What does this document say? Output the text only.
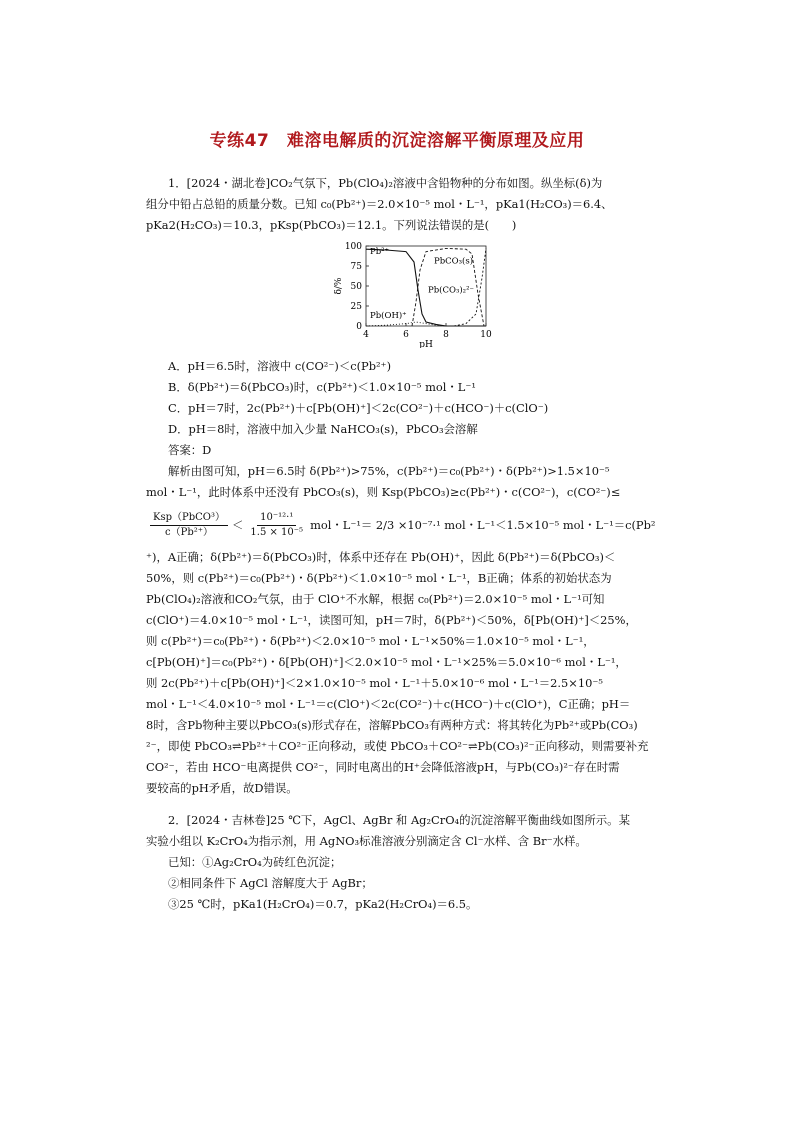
专练47　难溶电解质的沉淀溶解平衡原理及应用

1．[2024・湖北卷]CO₂气氛下，Pb(ClO₄)₂溶液中含铅物种的分布如图。纵坐标(δ)为

组分中铅占总铅的质量分数。已知 c₀(Pb²⁺)＝2.0×10⁻⁵ mol・L⁻¹，pKa1(H₂CO₃)＝6.4、

pKa2(H₂CO₃)＝10.3，pKsp(PbCO₃)＝12.1。下列说法错误的是(　　)

0
25
50
75
100
4	6	8	10
pH
δ/%
Pb²⁺
PbCO₃(s)
Pb(CO₃)₂²⁻
Pb(OH)⁺

A．pH＝6.5时，溶液中 c(CO²⁻)＜c(Pb²⁺)

B．δ(Pb²⁺)＝δ(PbCO₃)时，c(Pb²⁺)＜1.0×10⁻⁵ mol・L⁻¹

C．pH＝7时，2c(Pb²⁺)＋c[Pb(OH)⁺]＜2c(CO²⁻)＋c(HCO⁻)＋c(ClO⁻)

D．pH＝8时，溶液中加入少量 NaHCO₃(s)，PbCO₃会溶解

答案：D

解析由图可知，pH＝6.5时 δ(Pb²⁺)>75%，c(Pb²⁺)＝c₀(Pb²⁺)・δ(Pb²⁺)>1.5×10⁻⁵

mol・L⁻¹，此时体系中还没有 PbCO₃(s)，则 Ksp(PbCO₃)≥c(Pb²⁺)・c(CO²⁻)，c(CO²⁻)≤

$\frac{\text{Ksp（PbCO³）}}{\text{c（Pb²⁺）}} < \frac{\text{10⁻¹²·¹}}{\text{1.5 × 10⁻⁵}}$ mol・L⁻¹＝ 2/3 ×10⁻⁷·¹ mol・L⁻¹＜1.5×10⁻⁵ mol・L⁻¹＝c(Pb²

⁺)，A正确；δ(Pb²⁺)＝δ(PbCO₃)时，体系中还存在 Pb(OH)⁺，因此 δ(Pb²⁺)＝δ(PbCO₃)＜

50%，则 c(Pb²⁺)＝c₀(Pb²⁺)・δ(Pb²⁺)＜1.0×10⁻⁵ mol・L⁻¹，B正确；体系的初始状态为

Pb(ClO₄)₂溶液和CO₂气氛，由于 ClO⁺不水解，根据 c₀(Pb²⁺)＝2.0×10⁻⁵ mol・L⁻¹可知

c(ClO⁺)＝4.0×10⁻⁵ mol・L⁻¹，读图可知，pH＝7时，δ(Pb²⁺)＜50%，δ[Pb(OH)⁺]＜25%，

则 c(Pb²⁺)＝c₀(Pb²⁺)・δ(Pb²⁺)＜2.0×10⁻⁵ mol・L⁻¹×50%＝1.0×10⁻⁵ mol・L⁻¹，

c[Pb(OH)⁺]＝c₀(Pb²⁺)・δ[Pb(OH)⁺]＜2.0×10⁻⁵ mol・L⁻¹×25%＝5.0×10⁻⁶ mol・L⁻¹，

则 2c(Pb²⁺)＋c[Pb(OH)⁺]＜2×1.0×10⁻⁵ mol・L⁻¹＋5.0×10⁻⁶ mol・L⁻¹＝2.5×10⁻⁵

mol・L⁻¹＜4.0×10⁻⁵ mol・L⁻¹＝c(ClO⁺)＜2c(CO²⁻)＋c(HCO⁻)＋c(ClO⁺)，C正确；pH＝

8时，含Pb物种主要以PbCO₃(s)形式存在，溶解PbCO₃有两种方式：将其转化为Pb²⁺或Pb(CO₃)

²⁻，即使 PbCO₃⇌Pb²⁺＋CO²⁻正向移动，或使 PbCO₃＋CO²⁻⇌Pb(CO₃)²⁻正向移动，则需要补充

CO²⁻，若由 HCO⁻电离提供 CO²⁻，同时电离出的H⁺会降低溶液pH，与Pb(CO₃)²⁻存在时需

要较高的pH矛盾，故D错误。

2．[2024・吉林卷]25 ℃下，AgCl、AgBr 和 Ag₂CrO₄的沉淀溶解平衡曲线如图所示。某

实验小组以 K₂CrO₄为指示剂，用 AgNO₃标准溶液分别滴定含 Cl⁻水样、含 Br⁻水样。

已知：①Ag₂CrO₄为砖红色沉淀；

②相同条件下 AgCl 溶解度大于 AgBr；

③25 ℃时，pKa1(H₂CrO₄)＝0.7，pKa2(H₂CrO₄)＝6.5。
